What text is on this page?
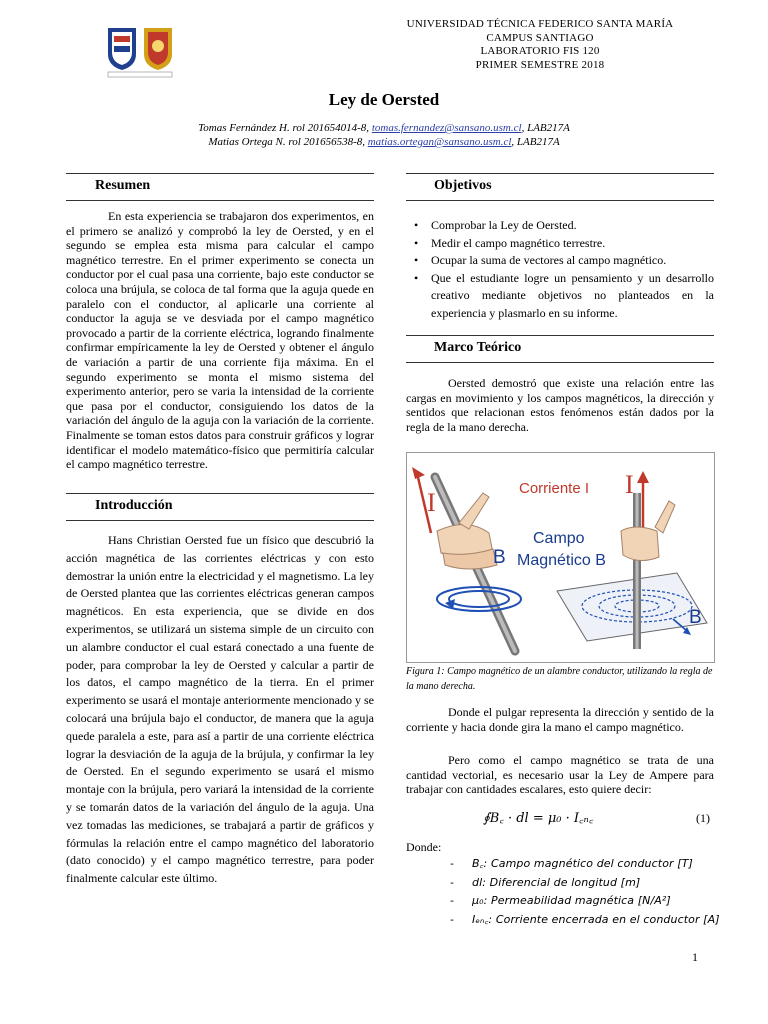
UNIVERSIDAD TÉCNICA FEDERICO SANTA MARÍA
CAMPUS SANTIAGO
LABORATORIO FIS 120
PRIMER SEMESTRE 2018
Ley de Oersted
Tomas Fernández H. rol 201654014-8, tomas.fernandez@sansano.usm.cl, LAB217A
Matias Ortega N. rol 201656538-8, matias.ortegan@sansano.usm.cl, LAB217A
Resumen
En esta experiencia se trabajaron dos experimentos, en el primero se analizó y comprobó la ley de Oersted, y en el segundo se emplea esta misma para calcular el campo magnético terrestre. En el primer experimento se conecta un conductor por el cual pasa una corriente, bajo este conductor se coloca una brújula, se coloca de tal forma que la aguja quede en paralelo con el conductor, al aplicarle una corriente al conductor la aguja se ve desviada por el campo magnético provocado a partir de la corriente eléctrica, logrando finalmente confirmar empíricamente la ley de Oersted y obtener el ángulo de variación a partir de una corriente fija máxima. En el segundo experimento se monta el mismo sistema del experimento anterior, pero se varia la intensidad de la corriente que pasa por el conductor, consiguiendo los datos de la variación del ángulo de la aguja con la variación de la corriente. Finalmente se toman estos datos para construir gráficos y lograr identificar el modelo matemático-físico que permitiría calcular el campo magnético terrestre.
Introducción
Hans Christian Oersted fue un físico que descubrió la acción magnética de las corrientes eléctricas y con esto demostrar la unión entre la electricidad y el magnetismo. La ley de Oersted plantea que las corrientes eléctricas generan campos magnéticos. En esta experiencia, que se divide en dos experimentos, se utilizará un sistema simple de un circuito con un alambre conductor el cual estará conectado a una fuente de poder, para comprobar la ley de Oersted y calcular a partir de los datos, el campo magnético de la tierra. En el primer experimento se usará el montaje anteriormente mencionado y se colocará una brújula bajo el conductor, de manera que la aguja quede paralela a este, para así a partir de una corriente eléctrica lograr la desviación de la aguja de la brújula, y confirmar la ley de Oersted. En el segundo experimento se usará el mismo montaje con la brújula, pero variará la intensidad de la corriente y se tomarán datos de la variación del ángulo de la aguja. Una vez tomadas las mediciones, se trabajará a partir de gráficos y fórmulas la relación entre el campo magnético del laboratorio (dato conocido) y el campo magnético terrestre, para poder finalmente calcular este último.
Objetivos
• Comprobar la Ley de Oersted.
• Medir el campo magnético terrestre.
• Ocupar la suma de vectores al campo magnético.
• Que el estudiante logre un pensamiento y un desarrollo creativo mediante objetivos no planteados en la experiencia y plasmarlo en su informe.
Marco Teórico
Oersted demostró que existe una relación entre las cargas en movimiento y los campos magnéticos, la dirección y sentidos que relacionan estos fenómenos están dados por la regla de la mano derecha.
I
I
Corriente I
Campo
Magnético B
B
B
Figura 1: Campo magnético de un alambre conductor, utilizando la regla de la mano derecha.
Donde el pulgar representa la dirección y sentido de la corriente y hacia donde gira la mano el campo magnético.
Pero como el campo magnético se trata de una cantidad vectorial, es necesario usar la Ley de Ampere para trabajar con cantidades escalares, esto quiere decir:
∮B꜀ · dl = μ₀ · I꜀ₙ꜀	(1)
Donde:
- B꜀: Campo magnético del conductor [T]
- dl: Diferencial de longitud [m]
- μ₀: Permeabilidad magnética [N/A²]
- Iₑₙ꜀: Corriente encerrada en el conductor [A]
1
